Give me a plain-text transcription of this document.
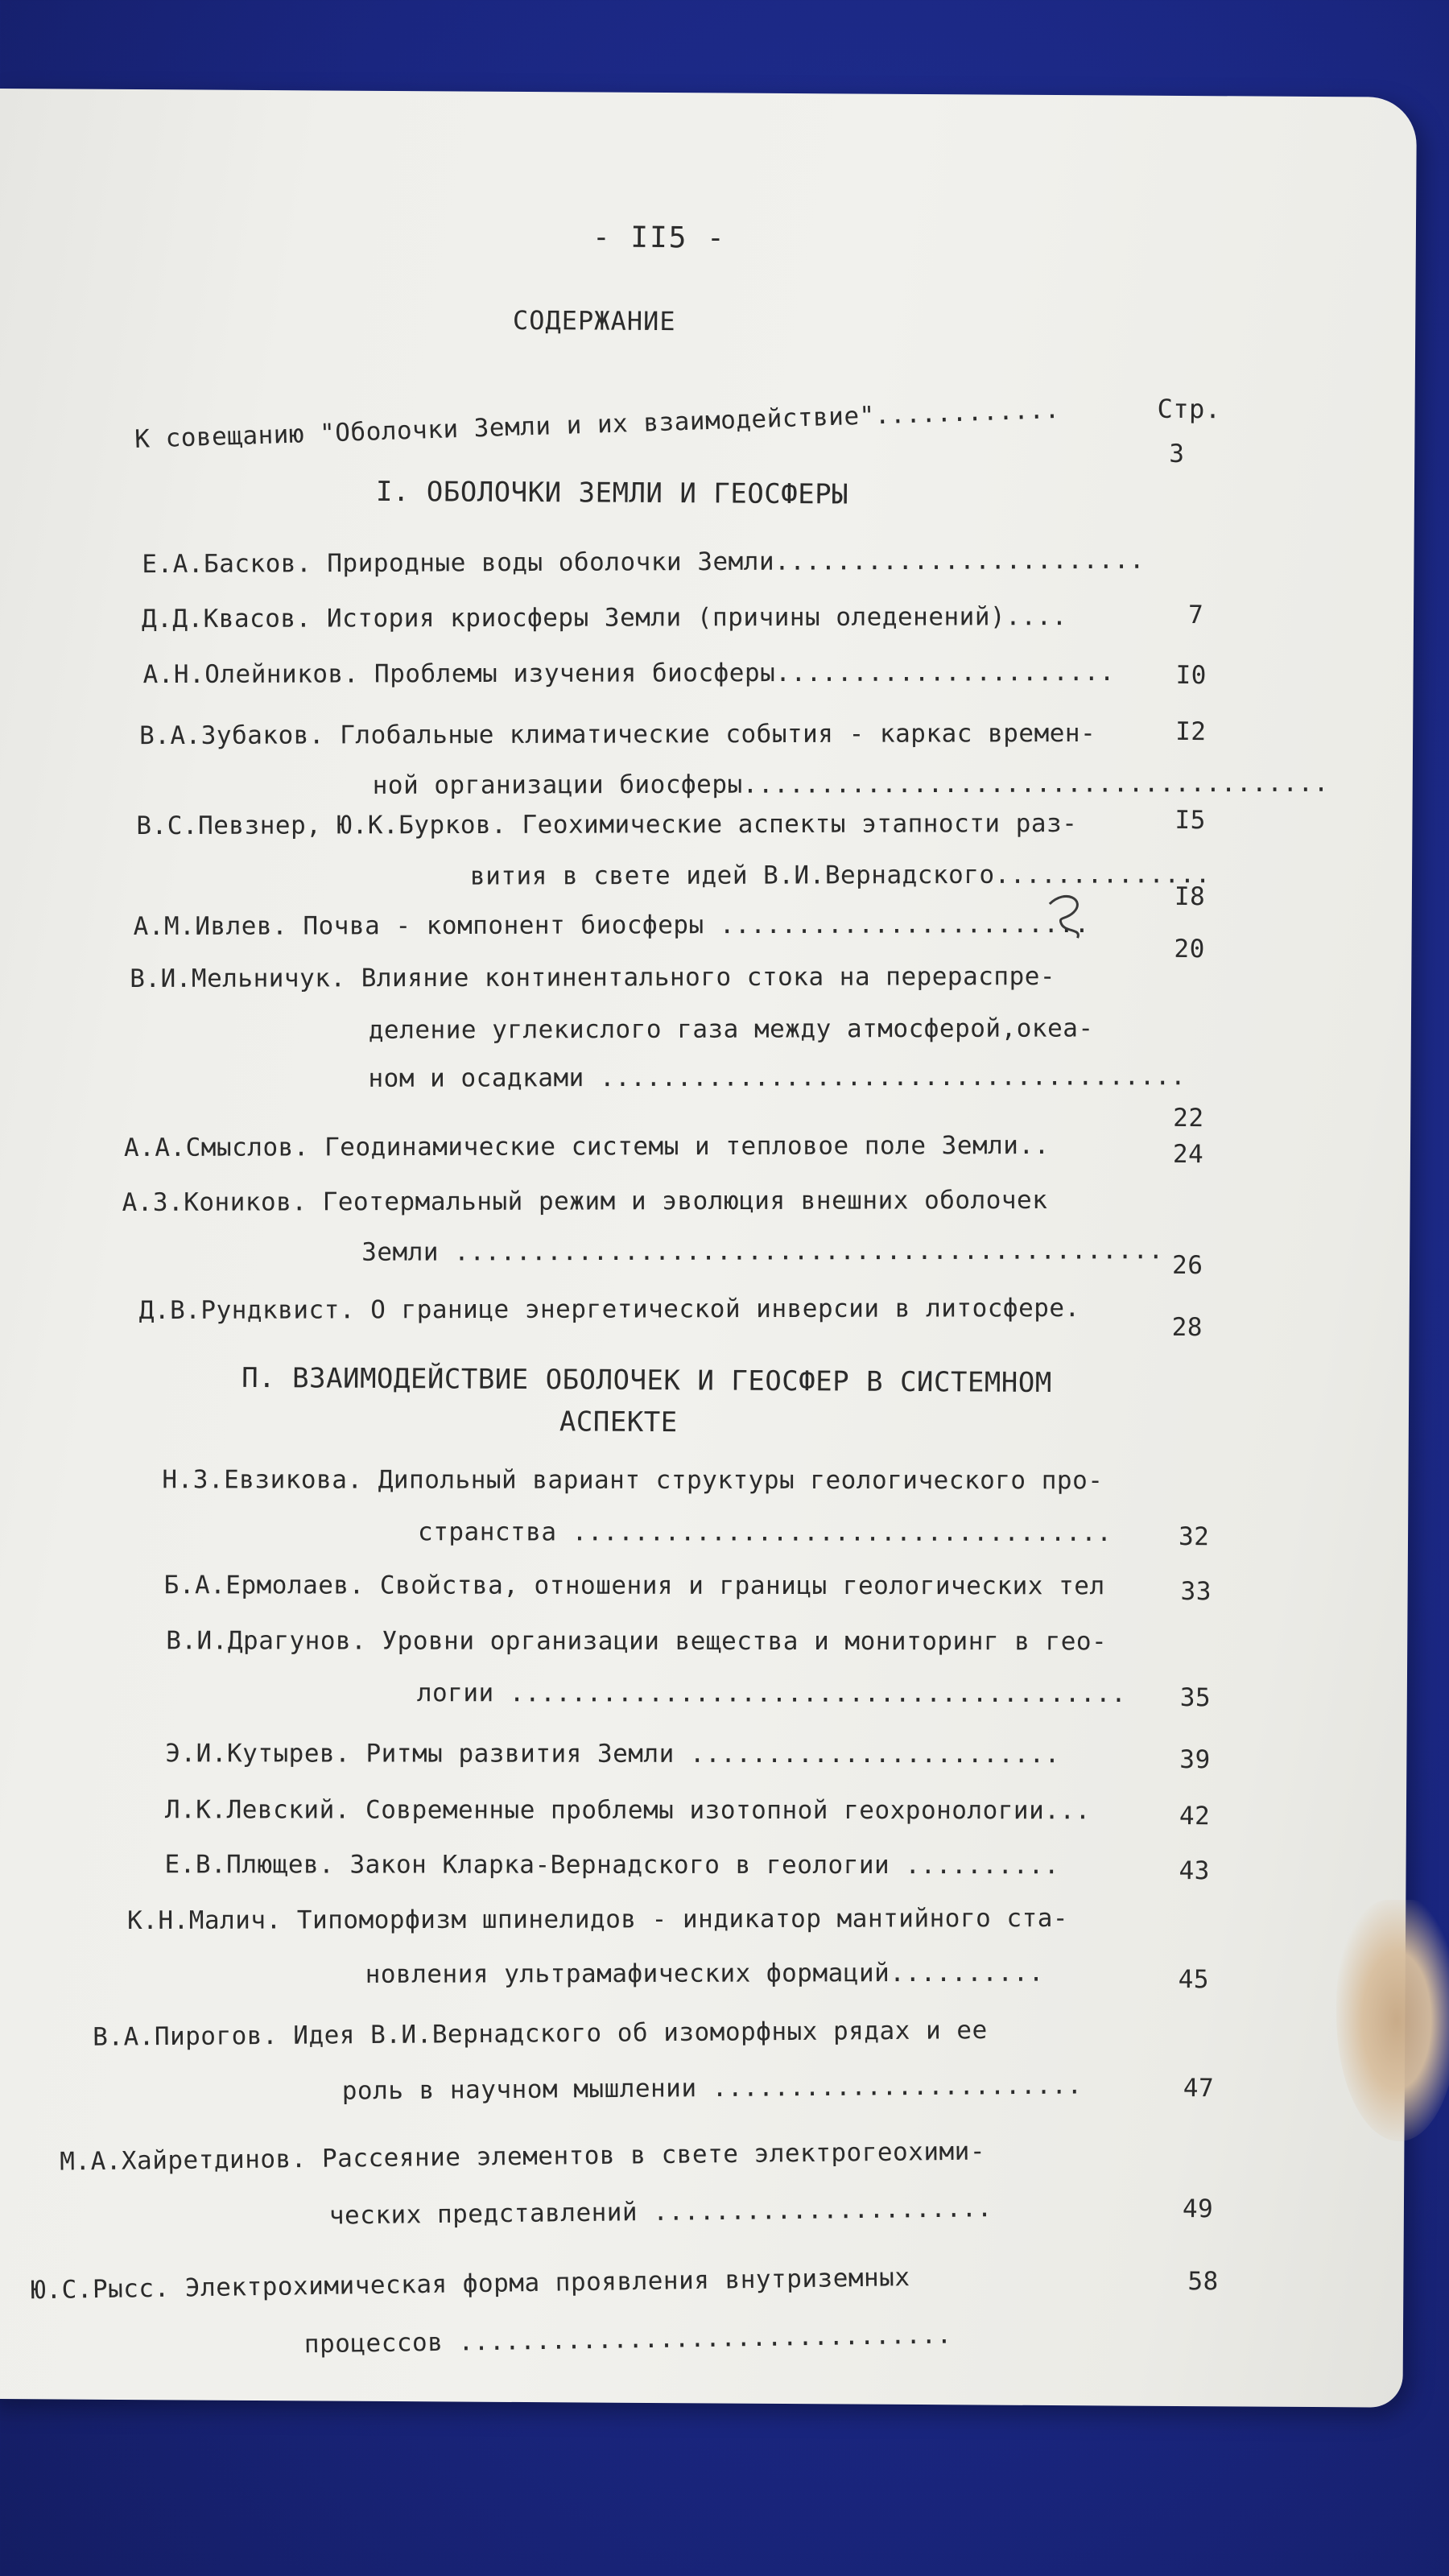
- II5 -
СОДЕРЖАНИЕ
Стр.
К совещанию "Оболочки Земли и их взаимодействие"............	3
I. ОБОЛОЧКИ ЗЕМЛИ И ГЕОСФЕРЫ
Е.А.Басков. Природные воды оболочки Земли........................
Д.Д.Квасов. История криосферы Земли (причины оледенений)....	7
А.Н.Олейников. Проблемы изучения биосферы...................... I0
В.А.Зубаков. Глобальные климатические события - каркас времен-
ной организации биосферы......................................
I2
В.С.Певзнер, Ю.К.Бурков. Геохимические аспекты этапности раз-
вития в свете идей В.И.Вернадского..............
I5
А.М.Ивлев. Почва - компонент биосферы ........................
I8
В.И.Мельничук. Влияние континентального стока на перераспре-
деление углекислого газа между атмосферой,океа-
ном и осадками ......................................
20
А.А.Смыслов. Геодинамические системы и тепловое поле Земли..
22
А.З.Коников. Геотермальный режим и эволюция внешних оболочек
Земли ..............................................
24
Д.В.Рундквист. О границе энергетической инверсии в литосфере.
26
П. ВЗАИМОДЕЙСТВИЕ ОБОЛОЧЕК И ГЕОСФЕР В СИСТЕМНОМ
АСПЕКТЕ
Н.З.Евзикова. Дипольный вариант структуры геологического про-
странства ...................................
28
Б.А.Ермолаев. Свойства, отношения и границы геологических тел
32
В.И.Драгунов. Уровни организации вещества и мониторинг в гео-
логии ........................................
33
Э.И.Кутырев. Ритмы развития Земли ........................
35
Л.К.Левский. Современные проблемы изотопной геохронологии...
39
Е.В.Плющев. Закон Кларка-Вернадского в геологии ..........
42
К.Н.Малич. Типоморфизм шпинелидов - индикатор мантийного ста-
новления ультрамафических формаций..........
43
В.А.Пирогов. Идея В.И.Вернадского об изоморфных рядах и ее
роль в научном мышлении ........................
45
М.А.Хайретдинов. Рассеяние элементов в свете электрогеохими-
ческих представлений ......................
47
Ю.С.Рысс. Электрохимическая форма проявления внутриземных
процессов ................................
49
58
